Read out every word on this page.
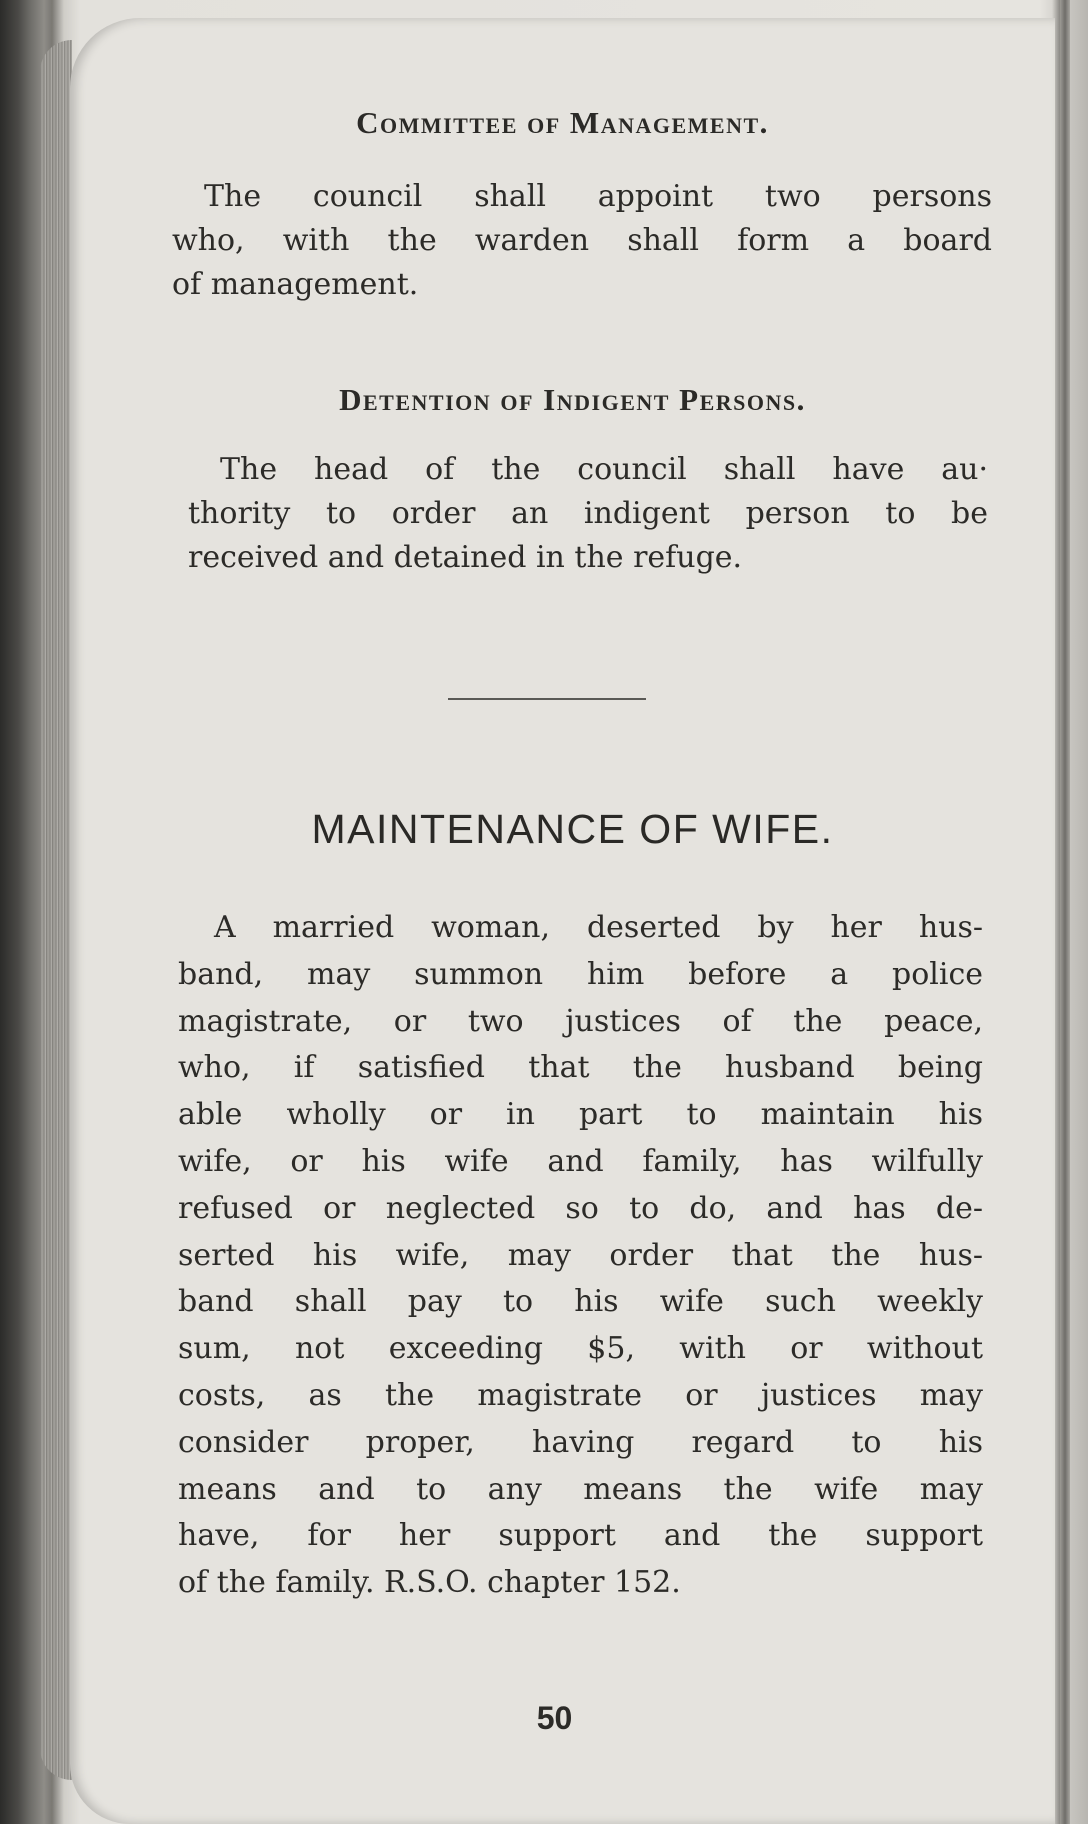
Committee of Management.
The council shall appoint two persons
who, with the warden shall form a board
of management.
Detention of Indigent Persons.
The head of the council shall have au·
thority to order an indigent person to be
received and detained in the refuge.
MAINTENANCE OF WIFE.
A married woman, deserted by her hus-
band, may summon him before a police
magistrate, or two justices of the peace,
who, if satisfied that the husband being
able wholly or in part to maintain his
wife, or his wife and family, has wilfully
refused or neglected so to do, and has de-
serted his wife, may order that the hus-
band shall pay to his wife such weekly
sum, not exceeding $5, with or without
costs, as the magistrate or justices may
consider proper, having regard to his
means and to any means the wife may
have, for her support and the support
of the family. R.S.O. chapter 152.
50
